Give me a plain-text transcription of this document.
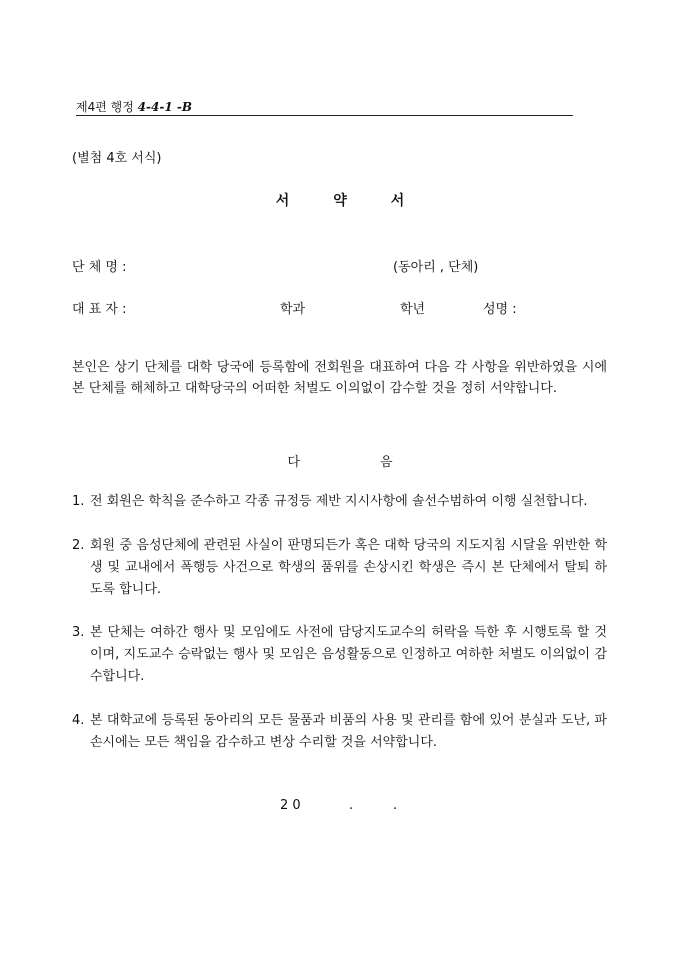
제4편 행정 4-4-1 -B
(별첨 4호 서식)
서	약	서
단 체 명 :	(동아리 , 단체)
대 표 자 :	학과	학년	성명 :
본인은 상기 단체를 대학 당국에 등록함에 전회원을 대표하여 다음 각 사항을 위반하였을 시에 본 단체를 해체하고 대학당국의 어떠한 처벌도 이의없이 감수할 것을 정히 서약합니다.
다	음
1. 전 회원은 학칙을 준수하고 각종 규정등 제반 지시사항에 솔선수범하여 이행 실천합니다.
2. 회원 중 음성단체에 관련된 사실이 판명되든가 혹은 대학 당국의 지도지침 시달을 위반한 학생 및 교내에서 폭행등 사건으로 학생의 품위를 손상시킨 학생은 즉시 본 단체에서 탈퇴 하도록 합니다.
3. 본 단체는 여하간 행사 및 모임에도 사전에 담당지도교수의 허락을 득한 후 시행토록 할 것이며, 지도교수 승락없는 행사 및 모임은 음성활동으로 인정하고 여하한 처벌도 이의없이 감수합니다.
4. 본 대학교에 등록된 동아리의 모든 물품과 비품의 사용 및 관리를 함에 있어 분실과 도난, 파손시에는 모든 책임을 감수하고 변상 수리할 것을 서약합니다.
2 0	.	.
